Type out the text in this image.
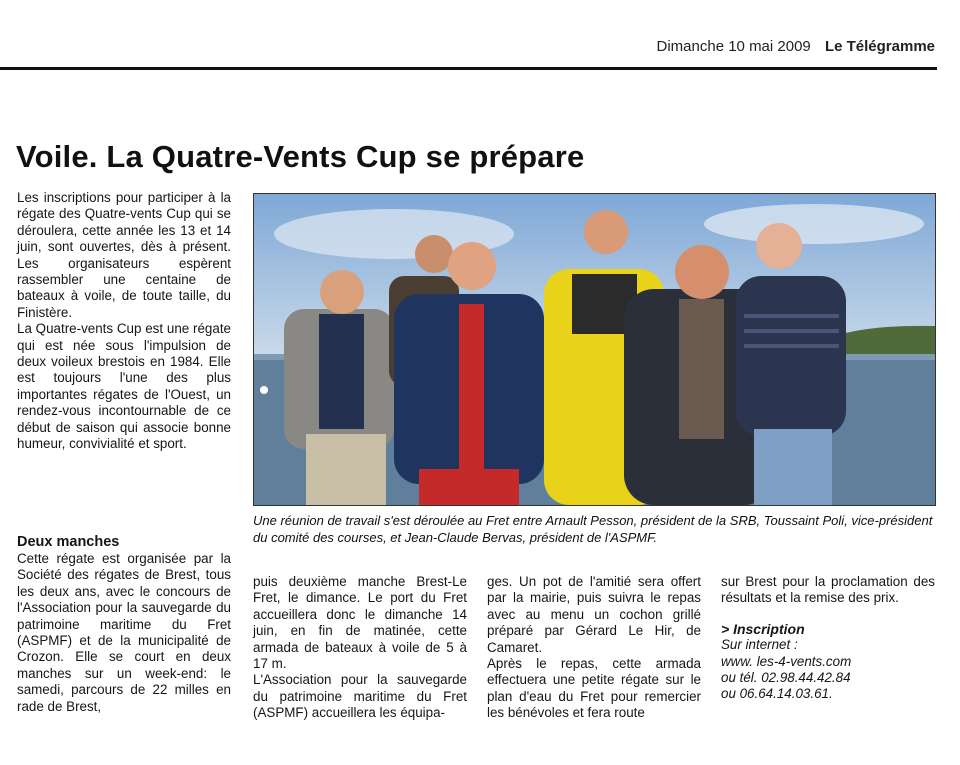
Dimanche 10 mai 2009 Le Télégramme
Voile. La Quatre-Vents Cup se prépare

Les inscriptions pour participer à la régate des Quatre-vents Cup qui se déroulera, cette année les 13 et 14 juin, sont ouvertes, dès à présent. Les organisateurs espèrent rassembler une centaine de bateaux à voile, de toute taille, du Finistère.

La Quatre-vents Cup est une régate qui est née sous l'impulsion de deux voileux brestois en 1984. Elle est toujours l'une des plus importantes régates de l'Ouest, un rendez-vous incontournable de ce début de saison qui associe bonne humeur, convivialité et sport.

Deux manches

Cette régate est organisée par la Société des régates de Brest, tous les deux ans, avec le concours de l'Association pour la sauvegarde du patrimoine maritime du Fret (ASPMF) et de la municipalité de Crozon. Elle se court en deux manches sur un week-end: le samedi, parcours de 22 milles en rade de Brest,

Une réunion de travail s'est déroulée au Fret entre Arnault Pesson, président de la SRB, Toussaint Poli, vice-président du comité des courses, et Jean-Claude Bervas, président de l'ASPMF.

puis deuxième manche Brest-Le Fret, le dimance. Le port du Fret accueillera donc le dimanche 14 juin, en fin de matinée, cette armada de bateaux à voile de 5 à 17 m.

L'Association pour la sauvegarde du patrimoine maritime du Fret (ASPMF) accueillera les équipa-

ges. Un pot de l'amitié sera offert par la mairie, puis suivra le repas avec au menu un cochon grillé préparé par Gérard Le Hir, de Camaret.

Après le repas, cette armada effectuera une petite régate sur le plan d'eau du Fret pour remercier les bénévoles et fera route

sur Brest pour la proclamation des résultats et la remise des prix.

> Inscription

Sur internet :

www. les-4-vents.com

ou tél. 02.98.44.42.84

ou 06.64.14.03.61.
